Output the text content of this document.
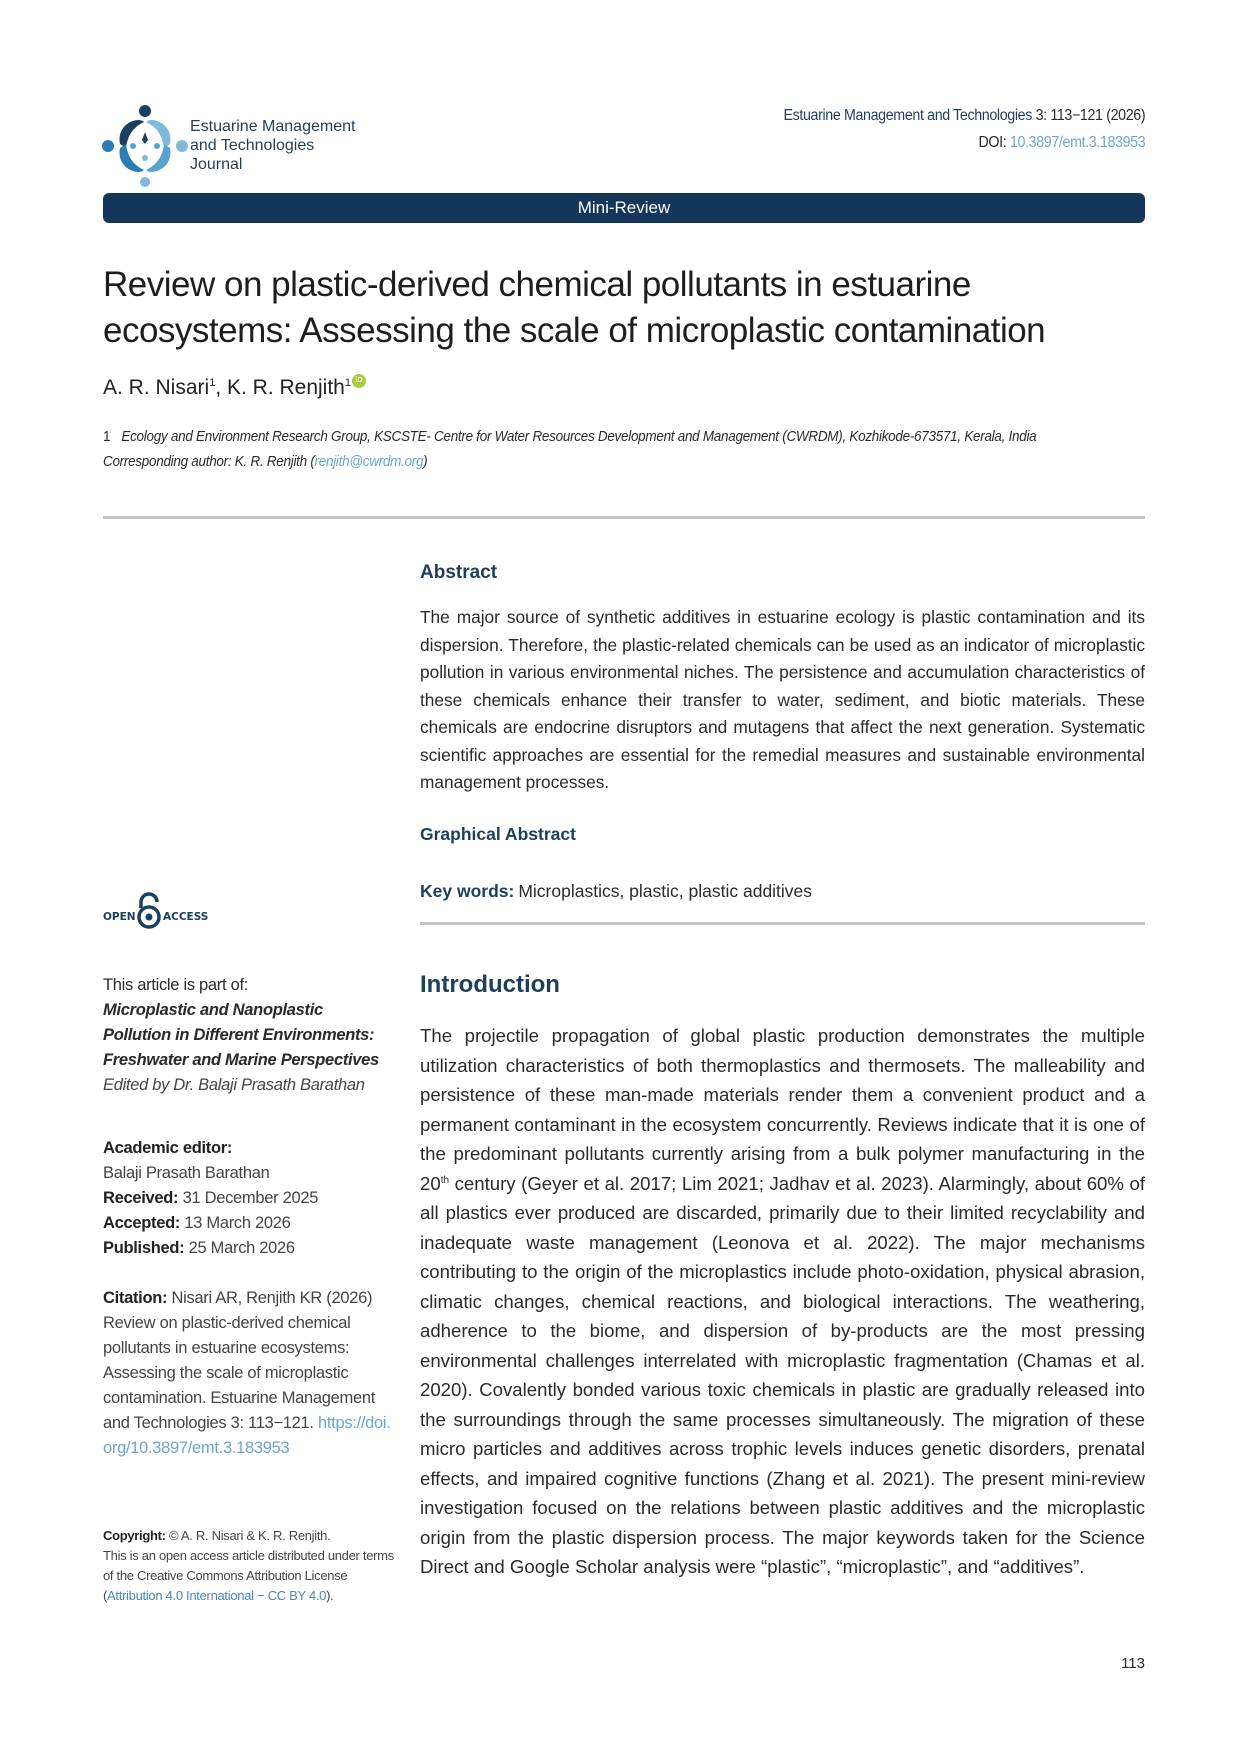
Estuarine Management
and Technologies
Journal
Estuarine Management and Technologies 3: 113−121 (2026)
DOI: 10.3897/emt.3.183953
Mini-Review
Review on plastic-derived chemical pollutants in estuarine ecosystems: Assessing the scale of microplastic contamination
A. R. Nisari$^1$, K. R. Renjith$^1$ iD
1 Ecology and Environment Research Group, KSCSTE- Centre for Water Resources Development and Management (CWRDM), Kozhikode-673571, Kerala, India
Corresponding author: K. R. Renjith (renjith@cwrdm.org)
Abstract
The major source of synthetic additives in estuarine ecology is plastic contamination and its dispersion. Therefore, the plastic-related chemicals can be used as an indicator of microplastic pollution in various environmental niches. The persistence and accumulation characteristics of these chemicals enhance their transfer to water, sediment, and biotic materials. These chemicals are endocrine disruptors and mutagens that affect the next generation. Systematic scientific approaches are essential for the remedial measures and sustainable environmental management processes.
Graphical Abstract
Key words: Microplastics, plastic, plastic additives
Introduction
The projectile propagation of global plastic production demonstrates the multiple utilization characteristics of both thermoplastics and thermosets. The malleability and persistence of these man-made materials render them a convenient product and a permanent contaminant in the ecosystem concurrently. Reviews indicate that it is one of the predominant pollutants currently arising from a bulk polymer manufacturing in the 20th century (Geyer et al. 2017; Lim 2021; Jadhav et al. 2023). Alarmingly, about 60% of all plastics ever produced are discarded, primarily due to their limited recyclability and inadequate waste management (Leonova et al. 2022). The major mechanisms contributing to the origin of the microplastics include photo-oxidation, physical abrasion, climatic changes, chemical reactions, and biological interactions. The weathering, adherence to the biome, and dispersion of by-products are the most pressing environmental challenges interrelated with microplastic fragmentation (Chamas et al. 2020). Covalently bonded various toxic chemicals in plastic are gradually released into the surroundings through the same processes simultaneously. The migration of these micro particles and additives across trophic levels induces genetic disorders, prenatal effects, and impaired cognitive functions (Zhang et al. 2021). The present mini-review investigation focused on the relations between plastic additives and the microplastic origin from the plastic dispersion process. The major keywords taken for the Science Direct and Google Scholar analysis were “plastic”, “microplastic”, and “additives”.
OPEN	ACCESS
This article is part of:
Microplastic and Nanoplastic Pollution in Different Environments: Freshwater and Marine Perspectives
Edited by Dr. Balaji Prasath Barathan
Academic editor:
Balaji Prasath Barathan
Received: 31 December 2025
Accepted: 13 March 2026
Published: 25 March 2026
Citation: Nisari AR, Renjith KR (2026) Review on plastic-derived chemical pollutants in estuarine ecosystems: Assessing the scale of microplastic contamination. Estuarine Management and Technologies 3: 113−121. https://doi.org/10.3897/emt.3.183953
Copyright: © A. R. Nisari & K. R. Renjith.
This is an open access article distributed under terms of the Creative Commons Attribution License (Attribution 4.0 International − CC BY 4.0).
113
